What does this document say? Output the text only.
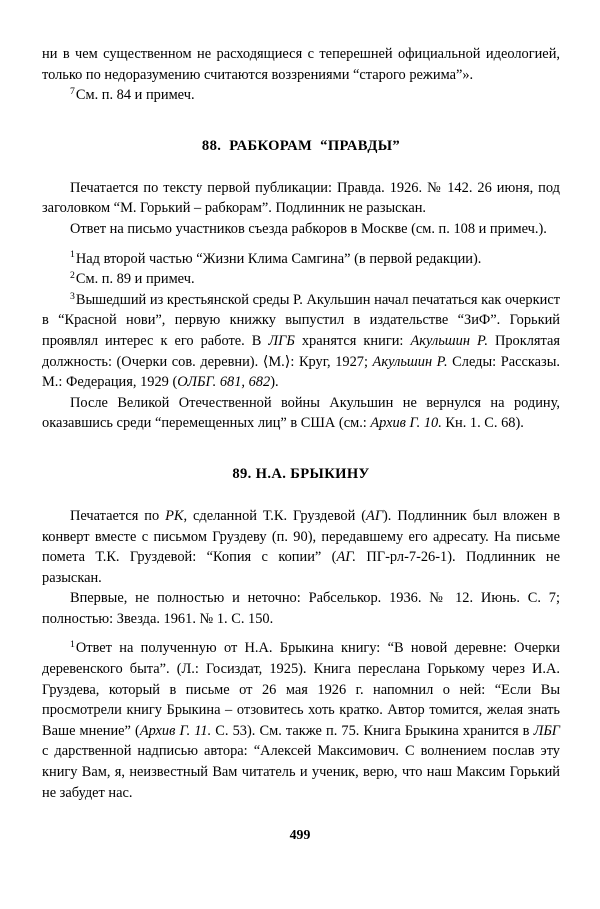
ни в чем существенном не расходящиеся с теперешней официальной идеологией, только по недоразумению считаются воззрениями “старого режима”».

$^7$См. п. 84 и примеч.

88.  РАБКОРАМ  “ПРАВДЫ”

Печатается по тексту первой публикации: Правда. 1926. № 142. 26 июня, под заголовком “М. Горький – рабкорам”. Подлинник не разыскан.

Ответ на письмо участников съезда рабкоров в Москве (см. п. 108 и примеч.).

$^1$Над второй частью “Жизни Клима Самгина” (в первой редакции).

$^2$См. п. 89 и примеч.

$^3$Вышедший из крестьянской среды Р. Акульшин начал печататься как очеркист в “Красной нови”, первую книжку выпустил в издательстве “ЗиФ”. Горький проявлял интерес к его работе. В ЛГБ хранятся книги: Акульшин Р. Проклятая должность: (Очерки сов. деревни). ⟨М.⟩: Круг, 1927; Акульшин Р. Следы: Рассказы. М.: Федерация, 1929 (ОЛБГ. 681, 682).

После Великой Отечественной войны Акульшин не вернулся на родину, оказавшись среди “перемещенных лиц” в США (см.: Архив Г. 10. Кн. 1. С. 68).

89. Н.А. БРЫКИНУ

Печатается по РК, сделанной Т.К. Груздевой (АГ). Подлинник был вложен в конверт вместе с письмом Груздеву (п. 90), передавшему его адресату. На письме помета Т.К. Груздевой: “Копия с копии” (АГ. ПГ-рл-7-26-1). Подлинник не разыскан.

Впервые, не полностью и неточно: Рабселькор. 1936. № 12. Июнь. С. 7; полностью: Звезда. 1961. № 1. С. 150.

$^1$Ответ на полученную от Н.А. Брыкина книгу: “В новой деревне: Очерки деревенского быта”. (Л.: Госиздат, 1925). Книга переслана Горькому через И.А. Груздева, который в письме от 26 мая 1926 г. напомнил о ней: “Если Вы просмотрели книгу Брыкина – отзовитесь хоть кратко. Автор томится, желая знать Ваше мнение” (Архив Г. 11. С. 53). См. также п. 75. Книга Брыкина хранится в ЛБГ с дарственной надписью автора: “Алексей Максимович. С волнением послав эту книгу Вам, я, неизвестный Вам читатель и ученик, верю, что наш Максим Горький не забудет нас.

499
